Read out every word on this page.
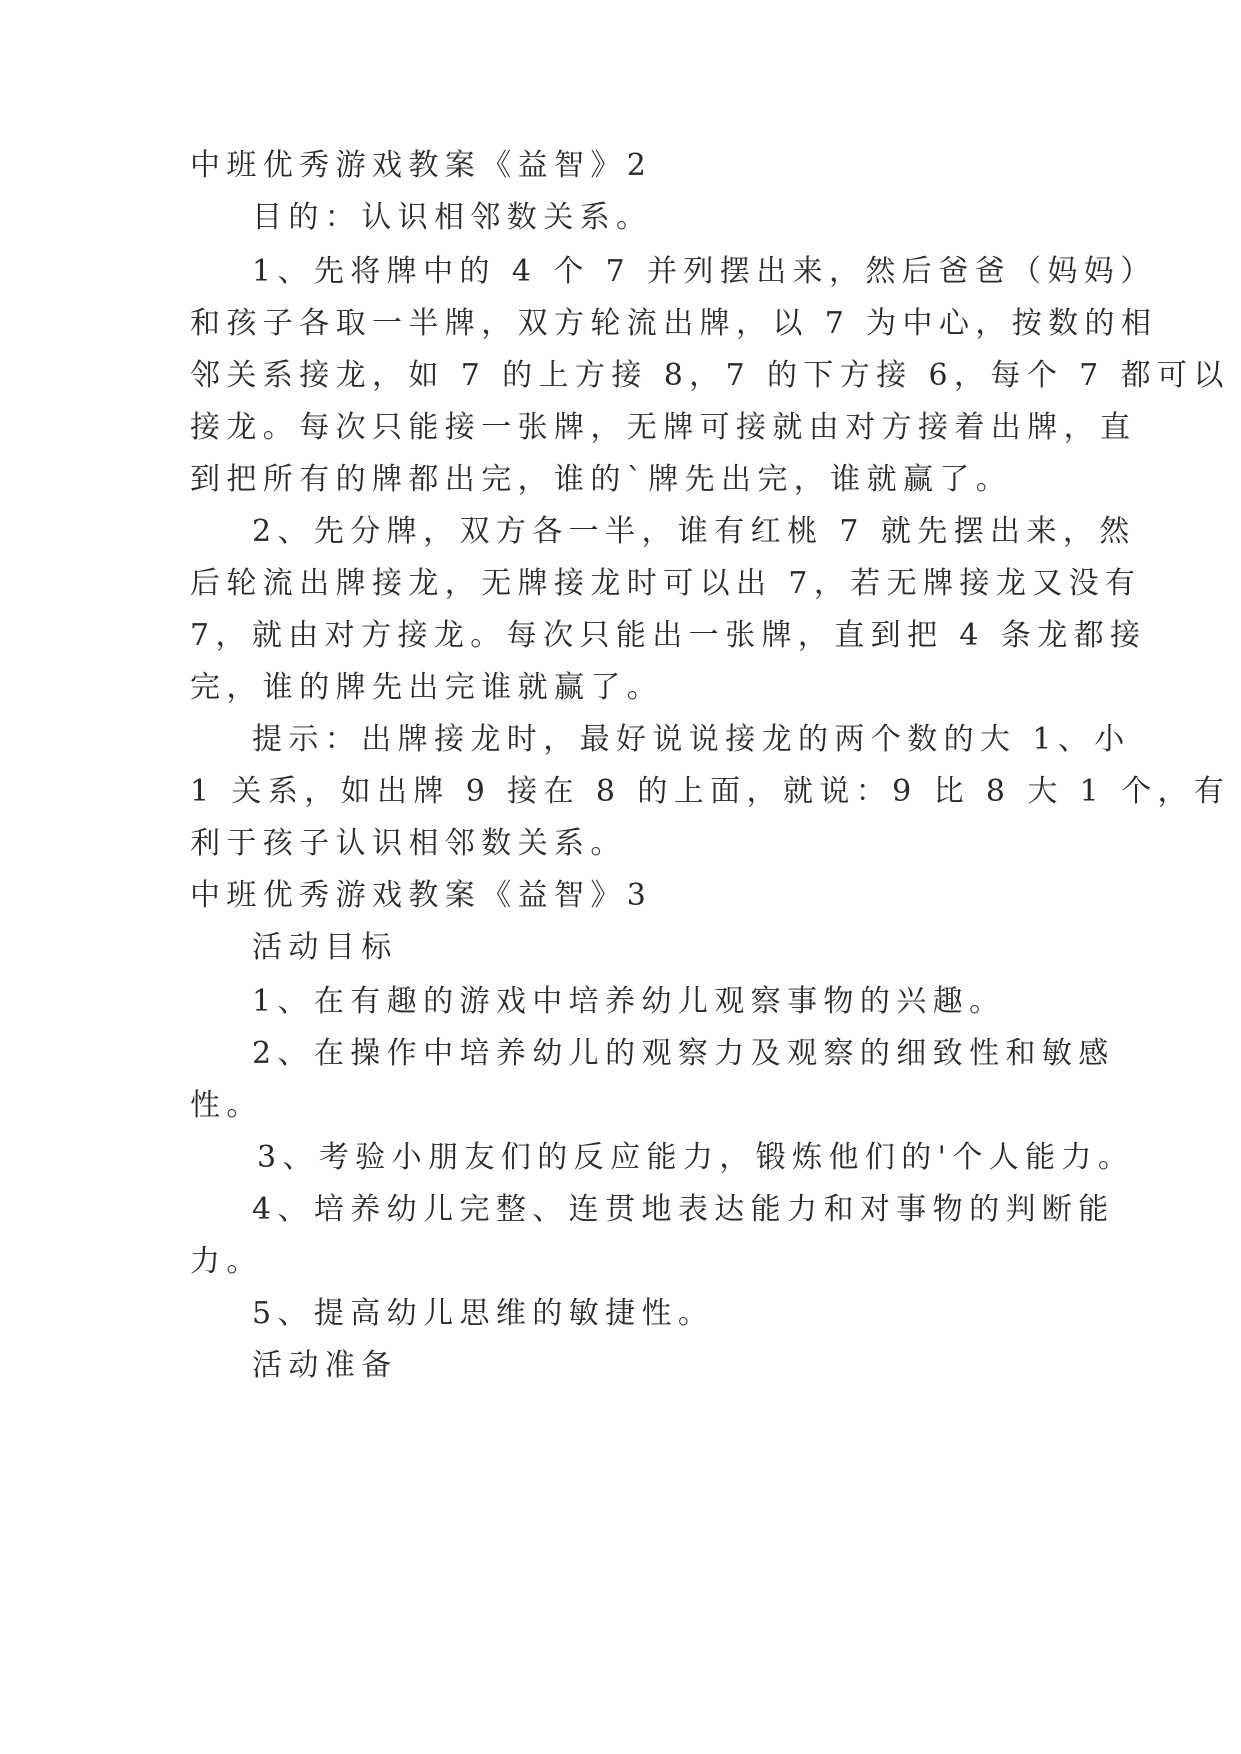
中班优秀游戏教案《益智》2
目的：认识相邻数关系。
1、先将牌中的 4 个 7 并列摆出来，然后爸爸（妈妈）
和孩子各取一半牌，双方轮流出牌，以 7 为中心，按数的相
邻关系接龙，如 7 的上方接 8，7 的下方接 6，每个 7 都可以
接龙。每次只能接一张牌，无牌可接就由对方接着出牌，直
到把所有的牌都出完，谁的`牌先出完，谁就赢了。
2、先分牌，双方各一半，谁有红桃 7 就先摆出来，然
后轮流出牌接龙，无牌接龙时可以出 7，若无牌接龙又没有
7，就由对方接龙。每次只能出一张牌，直到把 4 条龙都接
完，谁的牌先出完谁就赢了。
提示：出牌接龙时，最好说说接龙的两个数的大 1、小
1 关系，如出牌 9 接在 8 的上面，就说：9 比 8 大 1 个，有
利于孩子认识相邻数关系。
中班优秀游戏教案《益智》3
活动目标
1、在有趣的游戏中培养幼儿观察事物的兴趣。
2、在操作中培养幼儿的观察力及观察的细致性和敏感
性。
3、考验小朋友们的反应能力，锻炼他们的'个人能力。
4、培养幼儿完整、连贯地表达能力和对事物的判断能
力。
5、提高幼儿思维的敏捷性。
活动准备
